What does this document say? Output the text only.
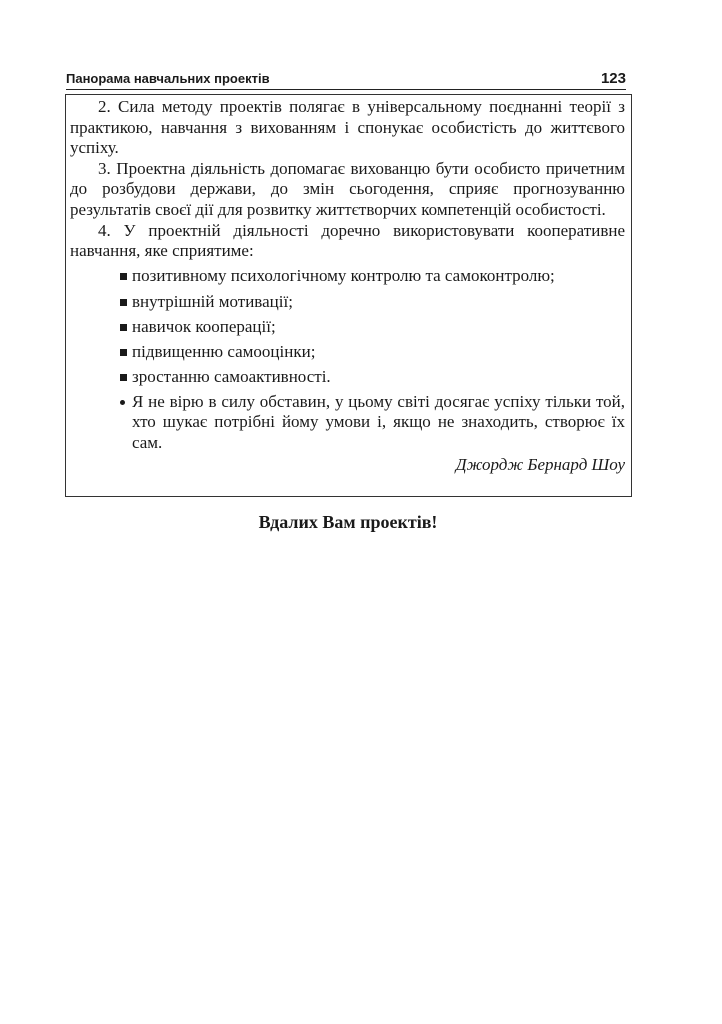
Панорама навчальних проектів	123

2. Сила методу проектів полягає в універсальному поєднанні теорії з практикою, навчання з вихованням і спонукає особистість до життєвого успіху.

3. Проектна діяльність допомагає вихованцю бути особисто причетним до розбудови держави, до змін сьогодення, сприяє прогнозуванню результатів своєї дії для розвитку життєтворчих компетенцій особистості.

4. У проектній діяльності доречно використовувати кооперативне навчання, яке сприятиме:

позитивному психологічному контролю та самоконтролю;
внутрішній мотивації;
навичок кооперації;
підвищенню самооцінки;
зростанню самоактивності.
Я не вірю в силу обставин, у цьому світі досягає успіху тільки той, хто шукає потрібні йому умови і, якщо не знаходить, створює їх сам.

Джордж Бернард Шоу

Вдалих Вам проектів!
